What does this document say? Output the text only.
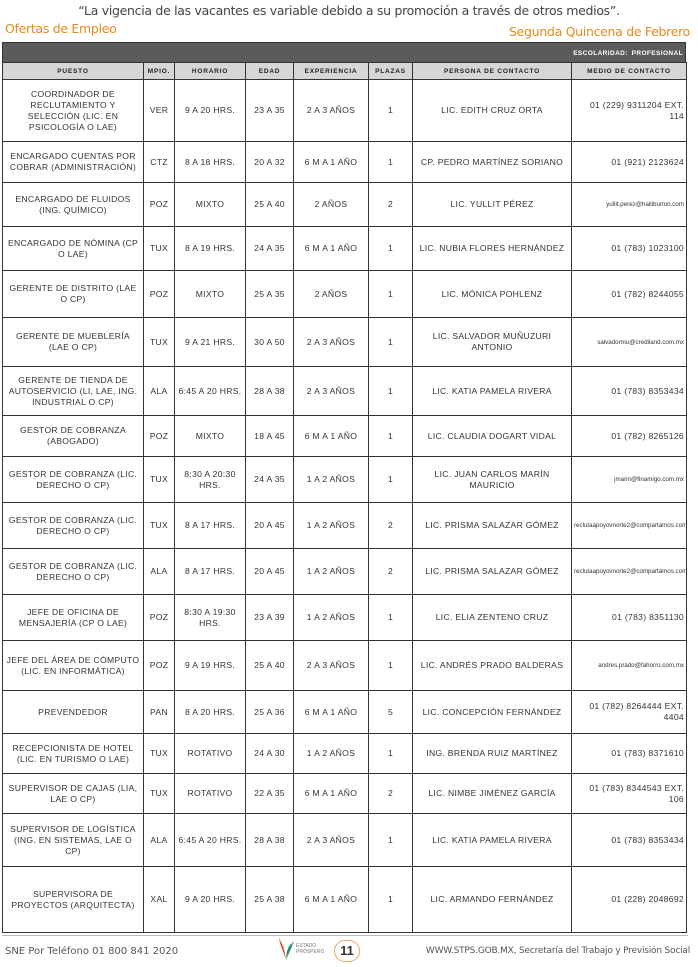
“La vigencia de las vacantes es variable debido a su promoción a través de otros medios”.
Ofertas de Empleo	Segunda Quincena de Febrero
ESCOLARIDAD: PROFESIONAL
PUESTO	MPIO.	HORARIO	EDAD	EXPERIENCIA	PLAZAS	PERSONA DE CONTACTO	MEDIO DE CONTACTO
COORDINADOR DE RECLUTAMIENTO Y SELECCIÓN (LIC. EN PSICOLOGÍA O LAE)	VER	9 A 20 HRS.	23 A 35	2 A 3 AÑOS	1	LIC. EDITH CRUZ ORTA	01 (229) 9311204 EXT. 114
ENCARGADO CUENTAS POR COBRAR (ADMINISTRACIÓN)	CTZ	8 A 18 HRS.	20 A 32	6 M A 1 AÑO	1	CP. PEDRO MARTÍNEZ SORIANO	01 (921) 2123624
ENCARGADO DE FLUIDOS (ING. QUÍMICO)	POZ	MIXTO	25 A 40	2 AÑOS	2	LIC. YULLIT PÉREZ	yullit.perez@halliburton.com
ENCARGADO DE NÓMINA (CP O LAE)	TUX	8 A 19 HRS.	24 A 35	6 M A 1 AÑO	1	LIC. NUBIA FLORES HERNÁNDEZ	01 (783) 1023100
GERENTE DE DISTRITO (LAE O CP)	POZ	MIXTO	25 A 35	2 AÑOS	1	LIC. MÓNICA POHLENZ	01 (782) 8244055
GERENTE DE MUEBLERÍA (LAE O CP)	TUX	9 A 21 HRS.	30 A 50	2 A 3 AÑOS	1	LIC. SALVADOR MUÑUZURI ANTONIO	salvadormu@crediland.com.mx
GERENTE DE TIENDA DE AUTOSERVICIO (LI, LAE, ING. INDUSTRIAL O CP)	ALA	6:45 A 20 HRS.	28 A 38	2 A 3 AÑOS	1	LIC. KATIA PAMELA RIVERA	01 (783) 8353434
GESTOR DE COBRANZA (ABOGADO)	POZ	MIXTO	18 A 45	6 M A 1 AÑO	1	LIC. CLAUDIA DOGART VIDAL	01 (782) 8265126
GESTOR DE COBRANZA (LIC. DERECHO O CP)	TUX	8:30 A 20:30 HRS.	24 A 35	1 A 2 AÑOS	1	LIC. JUAN CARLOS MARÍN MAURICIO	jmarin@finamigo.com.mx
GESTOR DE COBRANZA (LIC. DERECHO O CP)	TUX	8 A 17 HRS.	20 A 45	1 A 2 AÑOS	2	LIC. PRISMA SALAZAR GÓMEZ	reclutaapoyovnorte2@compartamos.com
GESTOR DE COBRANZA (LIC. DERECHO O CP)	ALA	8 A 17 HRS.	20 A 45	1 A 2 AÑOS	2	LIC. PRISMA SALAZAR GÓMEZ	reclutaapoyovnorte2@compartamos.com
JEFE DE OFICINA DE MENSAJERÍA (CP O LAE)	POZ	8:30 A 19:30 HRS.	23 A 39	1 A 2 AÑOS	1	LIC. ELIA ZENTENO CRUZ	01 (783) 8351130
JEFE DEL ÁREA DE CÓMPUTO (LIC. EN INFORMÁTICA)	POZ	9 A 19 HRS.	25 A 40	2 A 3 AÑOS	1	LIC. ANDRÉS PRADO BALDERAS	andres.prado@fahorro.com.mx
PREVENDEDOR	PAN	8 A 20 HRS.	25 A 36	6 M A 1 AÑO	5	LIC. CONCEPCIÓN FERNÁNDEZ	01 (782) 8264444 EXT. 4404
RECEPCIONISTA DE HOTEL (LIC. EN TURISMO O LAE)	TUX	ROTATIVO	24 A 30	1 A 2 AÑOS	1	ING. BRENDA RUIZ MARTÍNEZ	01 (783) 8371610
SUPERVISOR DE CAJAS (LIA, LAE O CP)	TUX	ROTATIVO	22 A 35	6 M A 1 AÑO	2	LIC. NIMBE JIMÉNEZ GARCÍA	01 (783) 8344543 EXT. 106
SUPERVISOR DE LOGÍSTICA (ING. EN SISTEMAS, LAE O CP)	ALA	6:45 A 20 HRS.	28 A 38	2 A 3 AÑOS	1	LIC. KATIA PAMELA RIVERA	01 (783) 8353434
SUPERVISORA DE PROYECTOS (ARQUITECTA)	XAL	9 A 20 HRS.	25 A 38	6 M A 1 AÑO	1	LIC. ARMANDO FERNÁNDEZ	01 (228) 2048692
SNE Por Teléfono 01 800 841 2020	ESTADO PRÓSPERO	11	WWW.STPS.GOB.MX, Secretaría del Trabajo y Previsión Social
